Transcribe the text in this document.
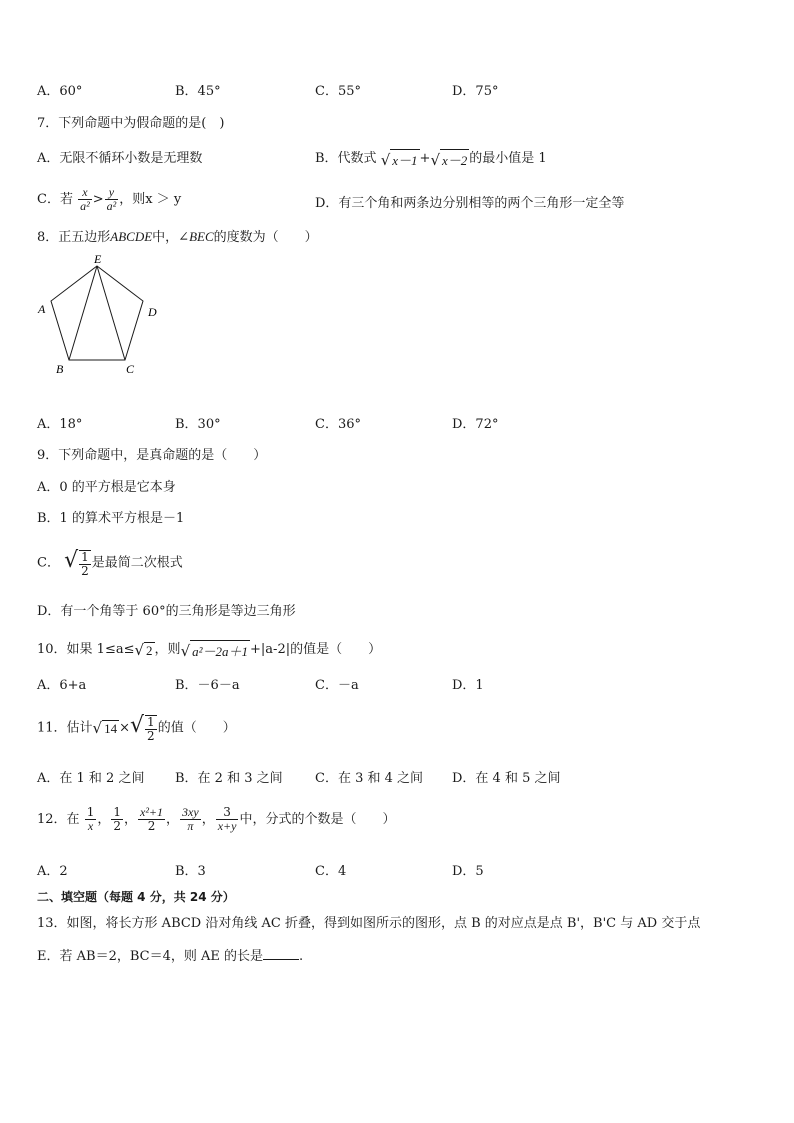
A．60°	B．45°	C．55°	D．75°
7．下列命题中为假命题的是(　)
A．无限不循环小数是无理数	B．代数式 √ x－1 +√ x－2 的最小值是 1
C．若 $\frac{x}{\text{a²}} > \frac{y}{\text{a²}}$ ，则x ＞ y	D．有三个角和两条边分别相等的两个三角形一定全等
8．正五边形ABCDE中，∠BEC的度数为（　　）
E
A	D
B	C
A．18°	B．30°	C．36°	D．72°
9．下列命题中，是真命题的是（　　）
A．0 的平方根是它本身
B．1 的算术平方根是－1
C． √ $\frac{1}{2}$ 是最简二次根式
D．有一个角等于 60°的三角形是等边三角形
10．如果 1≤a≤√ 2 ，则√ a²－2a＋1 +|a-2|的值是（　　）
A．6+a	B．－6－a	C．－a	D．1
11．估计√ 14 ×√ $\frac{1}{2}$ 的值（　　）
A．在 1 和 2 之间 B．在 2 和 3 之间 C．在 3 和 4 之间 D．在 4 和 5 之间
12．在 $\frac{1}{x}$ ， $\frac{1}{2}$ ， $\frac{\text{x²+1}}{2}$ ， $\frac{3xy}{\pi}$ ， $\frac{3}{x+y}$ 中，分式的个数是（　　）
A．2	B．3	C．4	D．5
二、填空题（每题 4 分，共 24 分）
13．如图，将长方形 ABCD 沿对角线 AC 折叠，得到如图所示的图形，点 B 的对应点是点 B'，B'C 与 AD 交于点
E．若 AB＝2，BC＝4，则 AE 的长是	.
